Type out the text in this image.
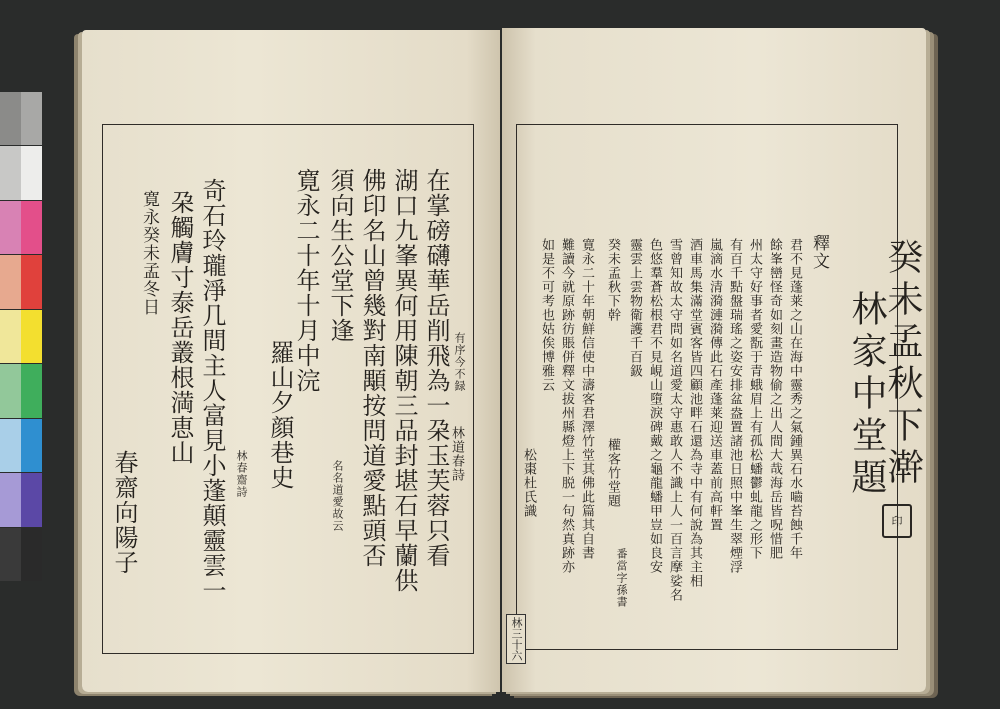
有序今不録
林道春詩
在掌磅礴華岳削飛為一朶玉芙蓉只看
湖口九峯異何用陳朝三品封堪石早蘭供
佛印名山曾幾對南顒按問道愛點頭否
名名道愛故云
須向生公堂下逢
寛永二十年十月中浣
羅山夕顔巷史
林春齋詩
奇石玲瓏淨几間主人富見小蓬顛靈雲一
朶觸膚寸泰岳叢根満恵山
寛永癸未孟冬日
春齋向陽子
癸未孟秋下澣
林家中堂題
印
釋文
君不見蓬莱之山在海中靈秀之氣鍾異石水嚙苔蝕千年
餘峯巒怪奇如刻畫造物偷之出人間大哉海岳皆呪惜肥
州太守好事者愛翫于青蛾眉上有孤松蟠鬱虬龍之形下
有百千點盤瑞瑤之姿安排盆盎置諸池日照中峯生翠煙浮
嵐滴水清漪漣漪傳此石產蓬莱迎送車蓋前高軒置
酒車馬集滿堂賓客皆四顧池畔石還為寺中有何說為其主相
雪曾知故太守問如名道愛太守惠敢人不識上人一百言摩娑名
色悠羣蒼松根君不見峴山墮淚碑戴之龜龍蟠甲豈如良安
靈雲上雲物衛護千百鈒
癸未孟秋下幹
權客竹堂題
番當字孫書
寛永二十年朝鮮信使中濤客君澤竹堂其佛此篇其自書
難讀今就原跡彷賬併釋文拔州縣燈上下脱一句然真跡亦
如是不可考也姑俟博雅云
松棗杜氏識
林三十六
